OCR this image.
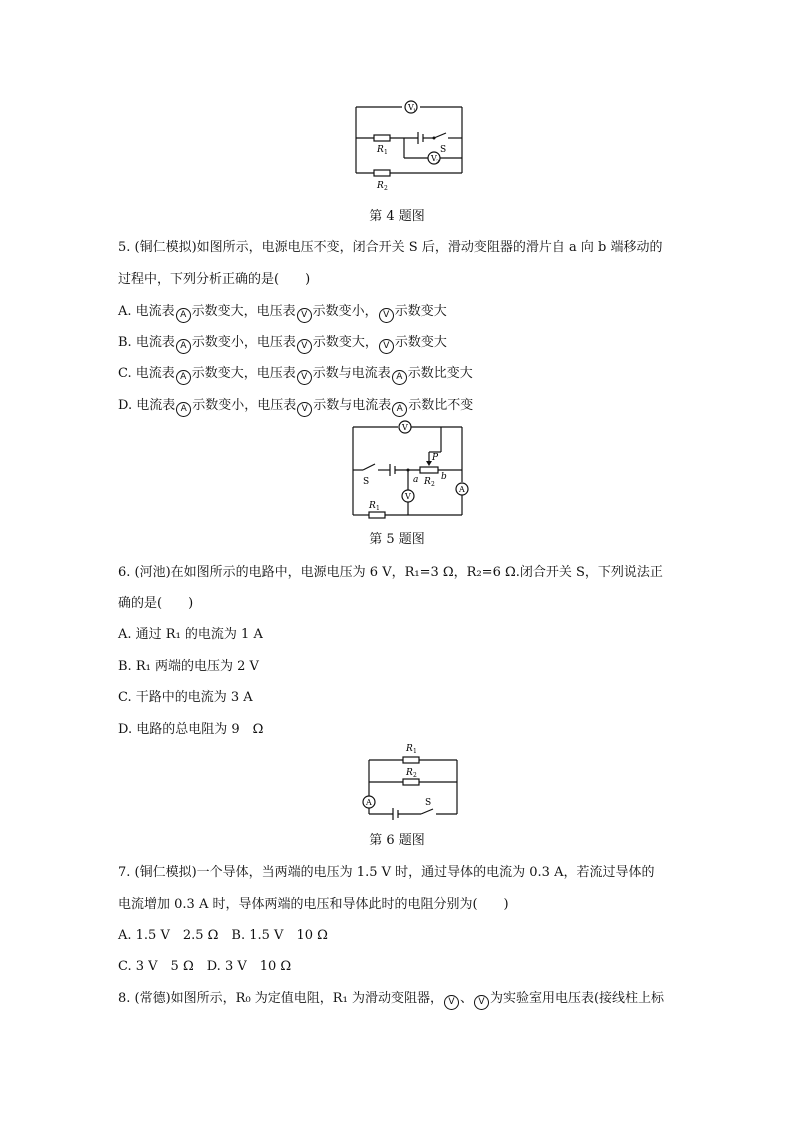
V 1
V 2
R 1
R 2
S
第 4 题图
5. (铜仁模拟)如图所示，电源电压不变，闭合开关 S 后，滑动变阻器的滑片自 a 向 b 端移动的
过程中，下列分析正确的是(　　)
A. 电流表 A 示数变大，电压表 V 示数变小， V 示数变大
B. 电流表 A 示数变小，电压表 V 示数变大， V 示数变大
C. 电流表 A 示数变大，电压表 V 示数与电流表 A 示数比变大
D. 电流表 A 示数变小，电压表 V 示数与电流表 A 示数比不变
V
V
A
P
a	b
R 2
R 1
S
第 5 题图
6. (河池)在如图所示的电路中，电源电压为 6 V，R₁=3 Ω，R₂=6 Ω.闭合开关 S，下列说法正
确的是(　　)
A. 通过 R₁ 的电流为 1 A
B. R₁ 两端的电压为 2 V
C. 干路中的电流为 3 A
D. 电路的总电阻为 9　Ω
R 1
R 2
A	S
第 6 题图
7. (铜仁模拟)一个导体，当两端的电压为 1.5 V 时，通过导体的电流为 0.3 A，若流过导体的
电流增加 0.3 A 时，导体两端的电压和导体此时的电阻分别为(　　)
A. 1.5 V　2.5 Ω　B. 1.5 V　10 Ω
C. 3 V　5 Ω　D. 3 V　10 Ω
8. (常德)如图所示，R₀ 为定值电阻，R₁ 为滑动变阻器， V 、 V 为实验室用电压表(接线柱上标
